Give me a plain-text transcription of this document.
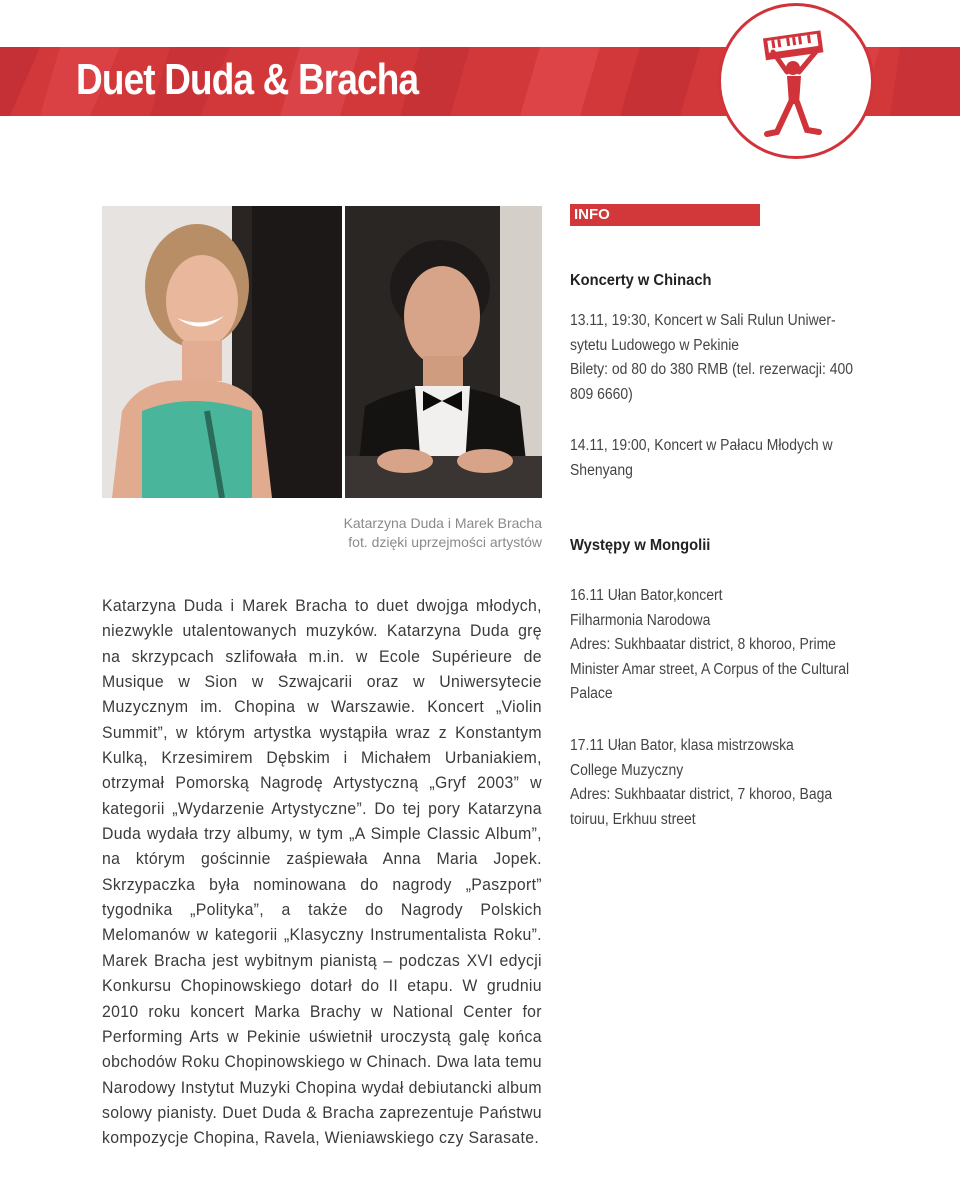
Duet Duda & Bracha
Katarzyna Duda i Marek Bracha
fot. dzięki uprzejmości artystów
Katarzyna Duda i Marek Bracha to duet dwojga młodych, niezwykle utalentowanych muzyków. Katarzyna Duda grę na skrzypcach szlifowała m.in. w Ecole Supérieure de Musique w Sion w Szwajcarii oraz w Uniwersytecie Muzycznym im. Chopina w Warszawie. Koncert „Violin Summit”, w którym artystka wystąpiła wraz z Konstantym Kulką, Krzesimirem Dębskim i Michałem Urbaniakiem, otrzymał Pomorską Nagrodę Artystyczną „Gryf 2003” w kategorii „Wydarzenie Artystyczne”. Do tej pory Katarzyna Duda wydała trzy albumy, w tym „A Simple Classic Album”, na którym gościnnie zaśpiewała Anna Maria Jopek. Skrzypaczka była nominowana do nagrody „Paszport” tygodnika „Polityka”, a także do Nagrody Polskich Melomanów w kategorii „Klasyczny Instrumentalista Roku”. Marek Bracha jest wybitnym pianistą – podczas XVI edycji Konkursu Chopinowskiego dotarł do II etapu. W grudniu 2010 roku koncert Marka Brachy w National Center for Performing Arts w Pekinie uświetnił uroczystą galę końca obchodów Roku Chopinowskiego w Chinach. Dwa lata temu Narodowy Instytut Muzyki Chopina wydał debiutancki album solowy pianisty. Duet Duda & Bracha zaprezentuje Państwu kompozycje Chopina, Ravela, Wieniawskiego czy Sarasate.
INFO
Koncerty w Chinach

13.11, 19:30, Koncert w Sali Rulun Uniwer-

sytetu Ludowego w Pekinie

Bilety: od 80 do 380 RMB (tel. rezerwacji: 400

809 6660)

14.11, 19:00, Koncert w Pałacu Młodych w

Shenyang

Występy w Mongolii

16.11 Ułan Bator,koncert

Filharmonia Narodowa

Adres: Sukhbaatar district, 8 khoroo, Prime

Minister Amar street, A Corpus of the Cultural

Palace

17.11 Ułan Bator, klasa mistrzowska

College Muzyczny

Adres: Sukhbaatar district, 7 khoroo, Baga

toiruu, Erkhuu street
